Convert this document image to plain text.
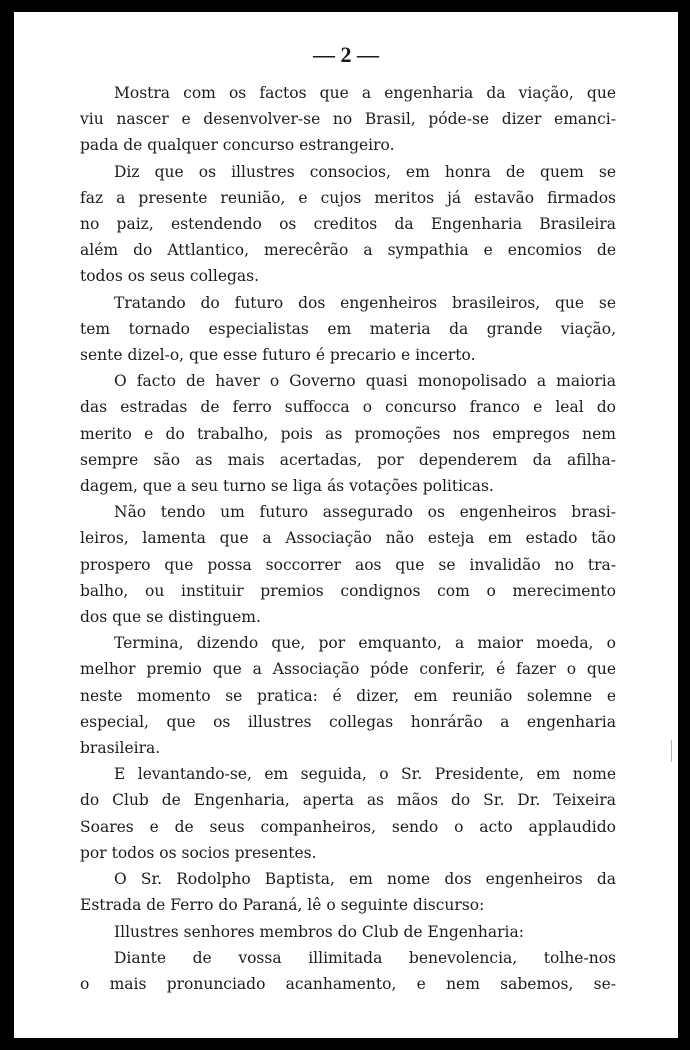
— 2 —
Mostra com os factos que a engenharia da viação, que
viu nascer e desenvolver-se no Brasil, póde-se dizer emanci-
pada de qualquer concurso estrangeiro.
Diz que os illustres consocios, em honra de quem se
faz a presente reunião, e cujos meritos já estavão firmados
no paiz, estendendo os creditos da Engenharia Brasileira
além do Attlantico, merecêrão a sympathia e encomios de
todos os seus collegas.
Tratando do futuro dos engenheiros brasileiros, que se
tem tornado especialistas em materia da grande viação,
sente dizel-o, que esse futuro é precario e incerto.
O facto de haver o Governo quasi monopolisado a maioria
das estradas de ferro suffocca o concurso franco e leal do
merito e do trabalho, pois as promoções nos empregos nem
sempre são as mais acertadas, por dependerem da afilha-
dagem, que a seu turno se liga ás votações politicas.
Não tendo um futuro assegurado os engenheiros brasi-
leiros, lamenta que a Associação não esteja em estado tão
prospero que possa soccorrer aos que se invalidão no tra-
balho, ou instituir premios condignos com o merecimento
dos que se distinguem.
Termina, dizendo que, por emquanto, a maior moeda, o
melhor premio que a Associação póde conferir, é fazer o que
neste momento se pratica: é dizer, em reunião solemne e
especial, que os illustres collegas honrárão a engenharia
brasileira.
E levantando-se, em seguida, o Sr. Presidente, em nome
do Club de Engenharia, aperta as mãos do Sr. Dr. Teixeira
Soares e de seus companheiros, sendo o acto applaudido
por todos os socios presentes.
O Sr. Rodolpho Baptista, em nome dos engenheiros da
Estrada de Ferro do Paraná, lê o seguinte discurso:
Illustres senhores membros do Club de Engenharia:
Diante de vossa illimitada benevolencia, tolhe-nos
o mais pronunciado acanhamento, e nem sabemos, se-
